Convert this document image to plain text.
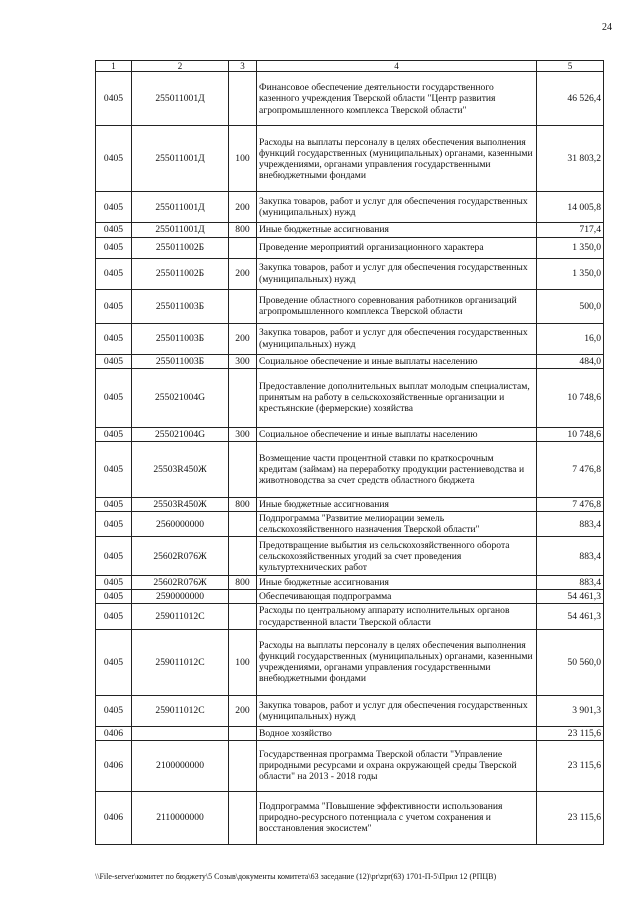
24
1	2	3	4	5
0405	255011001Д		Финансовое обеспечение деятельности государственного казенного учреждения Тверской области "Центр развития агропромышленного комплекса Тверской области"	46 526,4
0405	255011001Д	100	Расходы на выплаты персоналу в целях обеспечения выполнения функций государственных (муниципальных) органами, казенными учреждениями, органами управления государственными внебюджетными фондами	31 803,2
0405	255011001Д	200	Закупка товаров, работ и услуг для обеспечения государственных (муниципальных) нужд	14 005,8
0405	255011001Д	800	Иные бюджетные ассигнования	717,4
0405	255011002Б		Проведение мероприятий организационного характера	1 350,0
0405	255011002Б	200	Закупка товаров, работ и услуг для обеспечения государственных (муниципальных) нужд	1 350,0
0405	255011003Б		Проведение областного соревнования работников организаций агропромышленного комплекса Тверской области	500,0
0405	255011003Б	200	Закупка товаров, работ и услуг для обеспечения государственных (муниципальных) нужд	16,0
0405	255011003Б	300	Социальное обеспечение и иные выплаты населению	484,0
0405	255021004G		Предоставление дополнительных выплат молодым специалистам, принятым на работу в сельскохозяйственные организации и крестьянские (фермерские) хозяйства	10 748,6
0405	255021004G	300	Социальное обеспечение и иные выплаты населению	10 748,6
0405	25503R450Ж		Возмещение части процентной ставки по краткосрочным кредитам (займам) на переработку продукции растениеводства и животноводства за счет средств областного бюджета	7 476,8
0405	25503R450Ж	800	Иные бюджетные ассигнования	7 476,8
0405	2560000000		Подпрограмма "Развитие мелиорации земель сельскохозяйственного назначения Тверской области"	883,4
0405	25602R076Ж		Предотвращение выбытия из сельскохозяйственного оборота сельскохозяйственных угодий за счет проведения культуртехнических работ	883,4
0405	25602R076Ж	800	Иные бюджетные ассигнования	883,4
0405	2590000000		Обеспечивающая подпрограмма	54 461,3
0405	259011012С		Расходы по центральному аппарату исполнительных органов государственной власти Тверской области	54 461,3
0405	259011012С	100	Расходы на выплаты персоналу в целях обеспечения выполнения функций государственных (муниципальных) органами, казенными учреждениями, органами управления государственными внебюджетными фондами	50 560,0
0405	259011012С	200	Закупка товаров, работ и услуг для обеспечения государственных (муниципальных) нужд	3 901,3
0406			Водное хозяйство	23 115,6
0406	2100000000		Государственная программа Тверской области "Управление природными ресурсами и охрана окружающей среды Тверской области" на 2013 - 2018 годы	23 115,6
0406	2110000000		Подпрограмма "Повышение эффективности использования природно-ресурсного потенциала с учетом сохранения и восстановления экосистем"	23 115,6
\\File-server\комитет по бюджету\5 Созыв\документы комитета\63 заседание (12)\pr\zpr(63) 1701-П-5\Прил 12 (РПЦВ)
